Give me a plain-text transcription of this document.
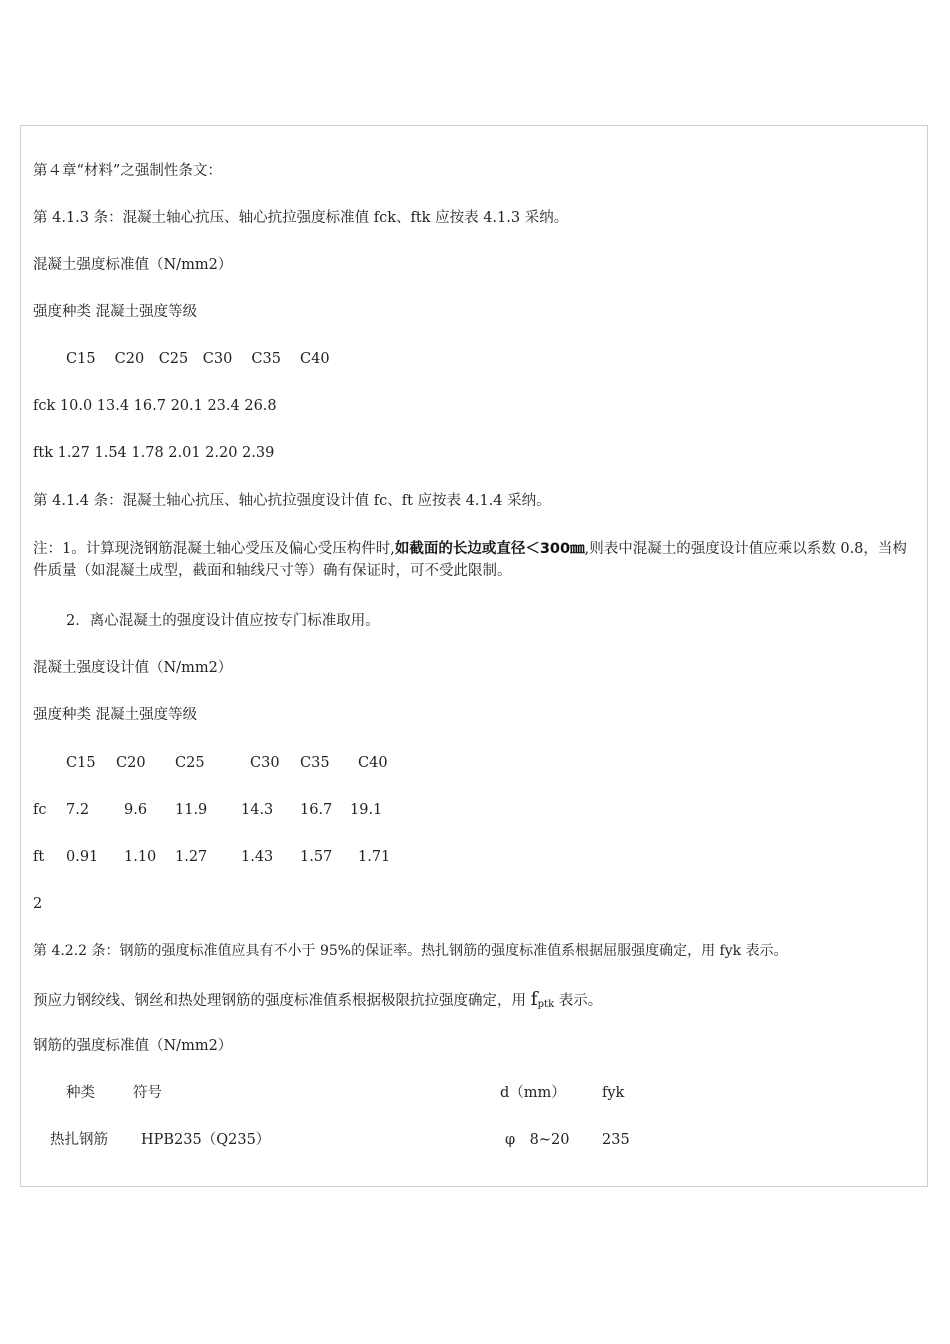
第４章“材料”之强制性条文：
第 4.1.3 条：混凝土轴心抗压、轴心抗拉强度标准值 fck、ftk 应按表 4.1.3 采纳。
混凝土强度标准值（N/mm2）
强度种类 混凝土强度等级
C15　 C20　C25　C30　 C35　 C40
fck 10.0 13.4 16.7 20.1 23.4 26.8
ftk 1.27 1.54 1.78 2.01 2.20 2.39
第 4.1.4 条：混凝土轴心抗压、轴心抗拉强度设计值 fc、ft 应按表 4.1.4 采纳。
注：1。计算现浇钢筋混凝土轴心受压及偏心受压构件时,如截面的长边或直径＜300㎜,则表中混凝土的强度设计值应乘以系数 0.8，当构件质量（如混凝土成型，截面和轴线尺寸等）确有保证时，可不受此限制。
2．离心混凝土的强度设计值应按专门标准取用。
混凝土强度设计值（N/mm2）
强度种类 混凝土强度等级
C15 C20 C25	C30 C35 C40
fc 7.2 9.6 11.9 14.3 16.7 19.1
ft 0.91 1.10 1.27 1.43 1.57 1.71
2
第 4.2.2 条：钢筋的强度标准值应具有不小于 95%的保证率。热扎钢筋的强度标准值系根据屈服强度确定，用 fyk 表示。
预应力钢绞线、钢丝和热处理钢筋的强度标准值系根据极限抗拉强度确定，用 $f_{ptk}$ 表示。
钢筋的强度标准值（N/mm2）
种类	符号	d（mm） fyk
热扎钢筋 HPB235（Q235）	φ　8~20 235
